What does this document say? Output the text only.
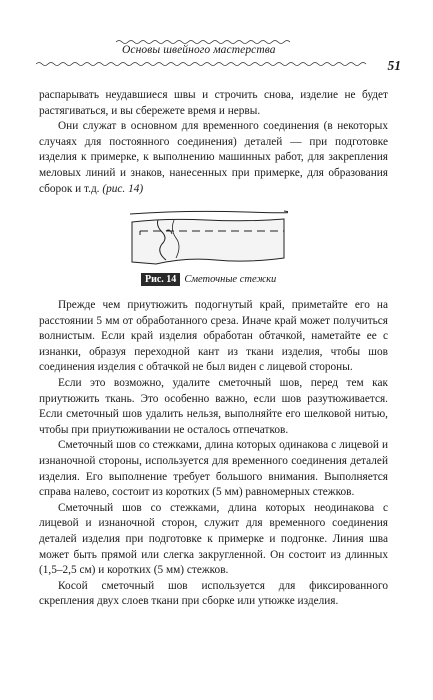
Основы швейного мастерства
51

распарывать неудавшиеся швы и строчить снова, изделие не будет растягиваться, и вы сбережете время и нервы.

Они служат в основном для временного соединения (в некоторых случаях для постоянного соединения) деталей — при подготовке изделия к примерке, к выполнению машинных работ, для закрепления меловых линий и знаков, нанесенных при примерке, для образования сборок и т.д. (рис. 14)

Рис. 14 Сметочные стежки

Прежде чем приутюжить подогнутый край, приметайте его на расстоянии 5 мм от обработанного среза. Иначе край может получиться волнистым. Если край изделия обработан обтачкой, наметайте ее с изнанки, образуя переходной кант из ткани изделия, чтобы шов соединения изделия с обтачкой не был виден с лицевой стороны.

Если это возможно, удалите сметочный шов, перед тем как приутюжить ткань. Это особенно важно, если шов разутюживается. Если сметочный шов удалить нельзя, выполняйте его шелковой нитью, чтобы при приутюживании не осталось отпечатков.

Сметочный шов со стежками, длина которых одинакова с лицевой и изнаночной стороны, используется для временного соединения деталей изделия. Его выполнение требует большого внимания. Выполняется справа налево, состоит из коротких (5 мм) равномерных стежков.

Сметочный шов со стежками, длина которых неодинакова с лицевой и изнаночной сторон, служит для временного соединения деталей изделия при подготовке к примерке и подгонке. Линия шва может быть прямой или слегка закругленной. Он состоит из длинных (1,5–2,5 см) и коротких (5 мм) стежков.

Косой сметочный шов используется для фиксированного скрепления двух слоев ткани при сборке или утюжке изделия.
